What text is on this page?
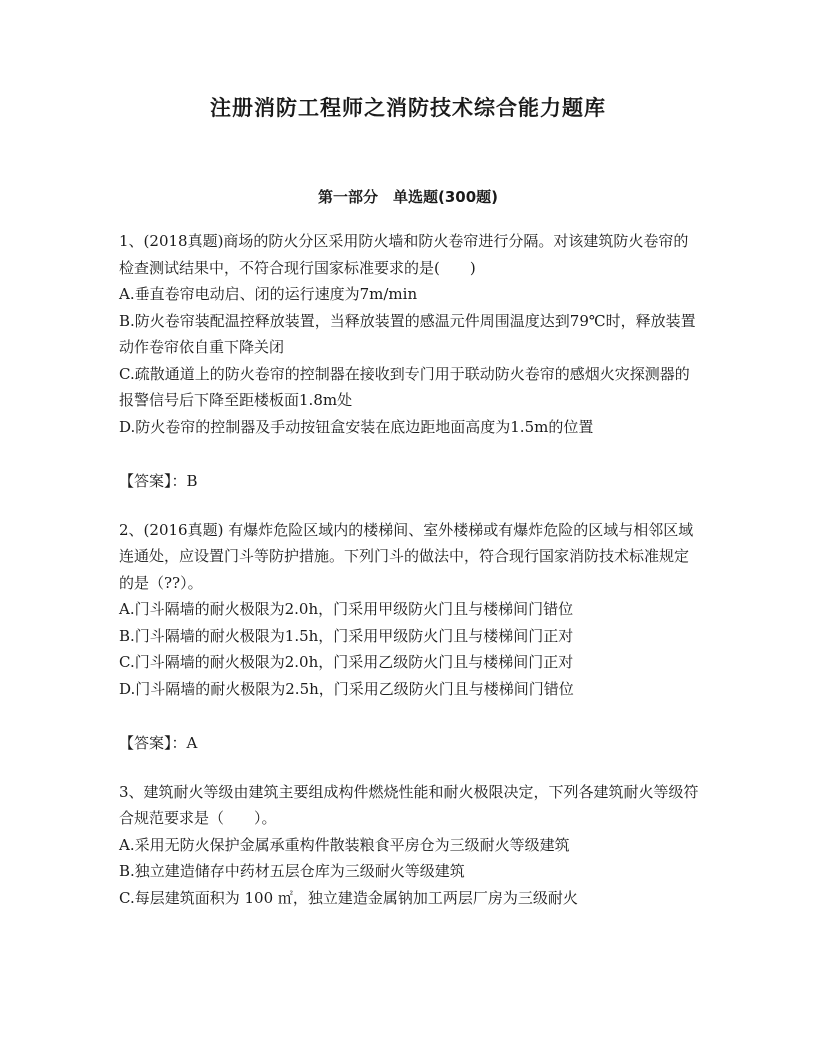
注册消防工程师之消防技术综合能力题库
第一部分　单选题(300题)

1、(2018真题)商场的防火分区采用防火墙和防火卷帘进行分隔。对该建筑防火卷帘的检查测试结果中，不符合现行国家标准要求的是(　　)

A.垂直卷帘电动启、闭的运行速度为7m/min

B.防火卷帘装配温控释放装置，当释放装置的感温元件周围温度达到79℃时，释放装置动作卷帘依自重下降关闭

C.疏散通道上的防火卷帘的控制器在接收到专门用于联动防火卷帘的感烟火灾探测器的报警信号后下降至距楼板面1.8m处

D.防火卷帘的控制器及手动按钮盒安装在底边距地面高度为1.5m的位置

【答案】：B

2、(2016真题) 有爆炸危险区域内的楼梯间、室外楼梯或有爆炸危险的区域与相邻区域连通处，应设置门斗等防护措施。下列门斗的做法中，符合现行国家消防技术标准规定的是（??）。

A.门斗隔墙的耐火极限为2.0h，门采用甲级防火门且与楼梯间门错位

B.门斗隔墙的耐火极限为1.5h，门采用甲级防火门且与楼梯间门正对

C.门斗隔墙的耐火极限为2.0h，门采用乙级防火门且与楼梯间门正对

D.门斗隔墙的耐火极限为2.5h，门采用乙级防火门且与楼梯间门错位

【答案】：A

3、建筑耐火等级由建筑主要组成构件燃烧性能和耐火极限决定，下列各建筑耐火等级符 合规范要求是（　　）。

A.采用无防火保护金属承重构件散装粮食平房仓为三级耐火等级建筑

B.独立建造储存中药材五层仓库为三级耐火等级建筑

C.每层建筑面积为 100 ㎡，独立建造金属钠加工两层厂房为三级耐火
